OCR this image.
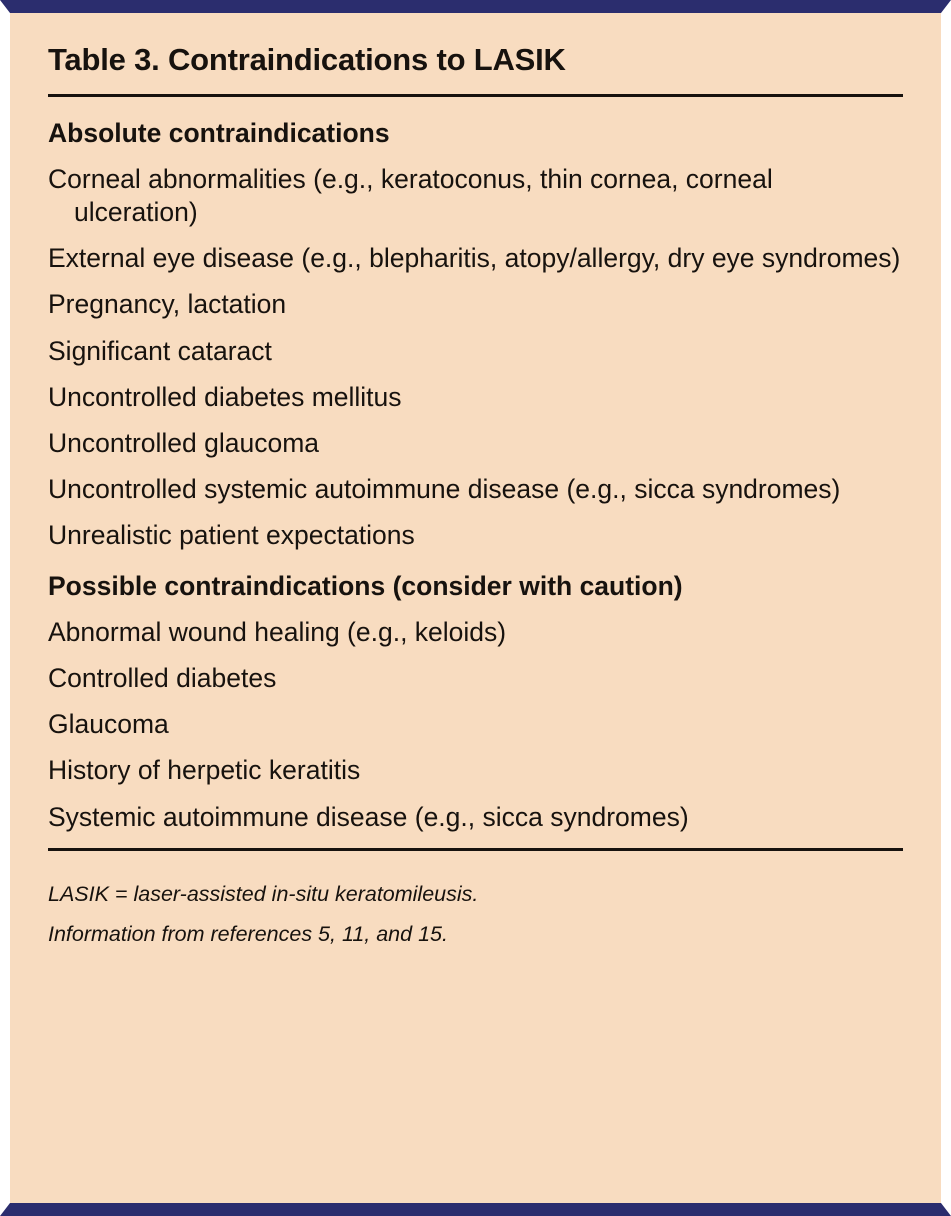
Table 3. Contraindications to LASIK
Absolute contraindications
Corneal abnormalities (e.g., keratoconus, thin cornea, corneal ulceration)
External eye disease (e.g., blepharitis, atopy/allergy, dry eye syndromes)
Pregnancy, lactation
Significant cataract
Uncontrolled diabetes mellitus
Uncontrolled glaucoma
Uncontrolled systemic autoimmune disease (e.g., sicca syndromes)
Unrealistic patient expectations
Possible contraindications (consider with caution)
Abnormal wound healing (e.g., keloids)
Controlled diabetes
Glaucoma
History of herpetic keratitis
Systemic autoimmune disease (e.g., sicca syndromes)
LASIK = laser-assisted in-situ keratomileusis.
Information from references 5, 11, and 15.
